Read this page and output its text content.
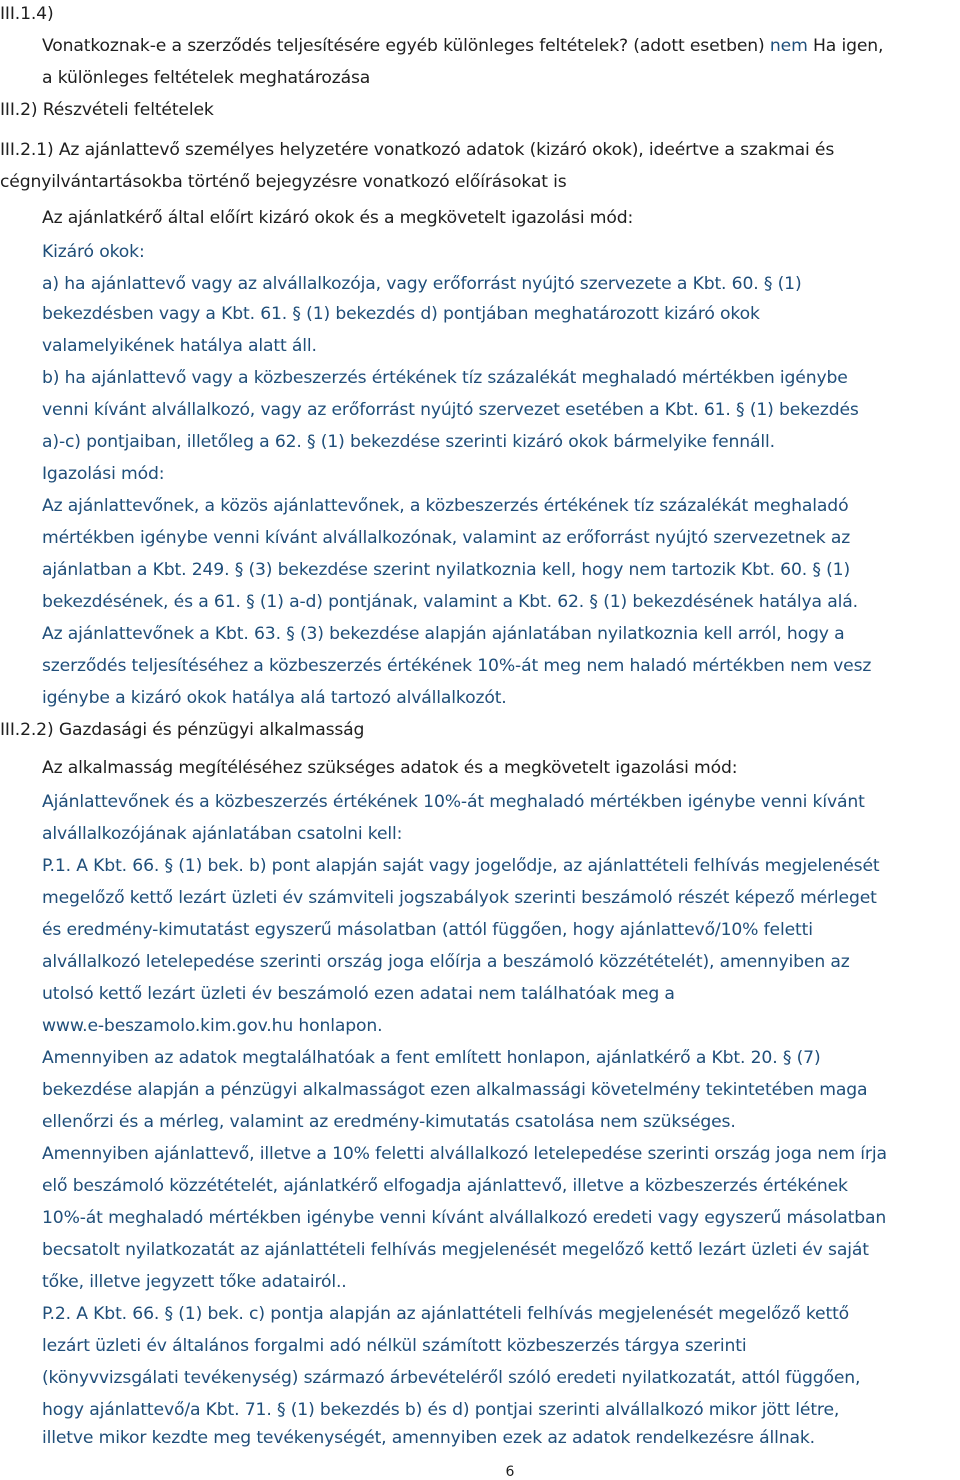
III.1.4)
Vonatkoznak-e a szerződés teljesítésére egyéb különleges feltételek? (adott esetben) nem Ha igen,
a különleges feltételek meghatározása
III.2) Részvételi feltételek
III.2.1) Az ajánlattevő személyes helyzetére vonatkozó adatok (kizáró okok), ideértve a szakmai és
cégnyilvántartásokba történő bejegyzésre vonatkozó előírásokat is
Az ajánlatkérő által előírt kizáró okok és a megkövetelt igazolási mód:
Kizáró okok:
a) ha ajánlattevő vagy az alvállalkozója, vagy erőforrást nyújtó szervezete a Kbt. 60. § (1)
bekezdésben vagy a Kbt. 61. § (1) bekezdés d) pontjában meghatározott kizáró okok
valamelyikének hatálya alatt áll.
b) ha ajánlattevő vagy a közbeszerzés értékének tíz százalékát meghaladó mértékben igénybe
venni kívánt alvállalkozó, vagy az erőforrást nyújtó szervezet esetében a Kbt. 61. § (1) bekezdés
a)-c) pontjaiban, illetőleg a 62. § (1) bekezdése szerinti kizáró okok bármelyike fennáll.
Igazolási mód:
Az ajánlattevőnek, a közös ajánlattevőnek, a közbeszerzés értékének tíz százalékát meghaladó
mértékben igénybe venni kívánt alvállalkozónak, valamint az erőforrást nyújtó szervezetnek az
ajánlatban a Kbt. 249. § (3) bekezdése szerint nyilatkoznia kell, hogy nem tartozik Kbt. 60. § (1)
bekezdésének, és a 61. § (1) a-d) pontjának, valamint a Kbt. 62. § (1) bekezdésének hatálya alá.
Az ajánlattevőnek a Kbt. 63. § (3) bekezdése alapján ajánlatában nyilatkoznia kell arról, hogy a
szerződés teljesítéséhez a közbeszerzés értékének 10%-át meg nem haladó mértékben nem vesz
igénybe a kizáró okok hatálya alá tartozó alvállalkozót.
III.2.2) Gazdasági és pénzügyi alkalmasság
Az alkalmasság megítéléséhez szükséges adatok és a megkövetelt igazolási mód:
Ajánlattevőnek és a közbeszerzés értékének 10%-át meghaladó mértékben igénybe venni kívánt
alvállalkozójának ajánlatában csatolni kell:
P.1. A Kbt. 66. § (1) bek. b) pont alapján saját vagy jogelődje, az ajánlattételi felhívás megjelenését
megelőző kettő lezárt üzleti év számviteli jogszabályok szerinti beszámoló részét képező mérleget
és eredmény-kimutatást egyszerű másolatban (attól függően, hogy ajánlattevő/10% feletti
alvállalkozó letelepedése szerinti ország joga előírja a beszámoló közzétételét), amennyiben az
utolsó kettő lezárt üzleti év beszámoló ezen adatai nem találhatóak meg a
www.e-beszamolo.kim.gov.hu honlapon.
Amennyiben az adatok megtalálhatóak a fent említett honlapon, ajánlatkérő a Kbt. 20. § (7)
bekezdése alapján a pénzügyi alkalmasságot ezen alkalmassági követelmény tekintetében maga
ellenőrzi és a mérleg, valamint az eredmény-kimutatás csatolása nem szükséges.
Amennyiben ajánlattevő, illetve a 10% feletti alvállalkozó letelepedése szerinti ország joga nem írja
elő beszámoló közzétételét, ajánlatkérő elfogadja ajánlattevő, illetve a közbeszerzés értékének
10%-át meghaladó mértékben igénybe venni kívánt alvállalkozó eredeti vagy egyszerű másolatban
becsatolt nyilatkozatát az ajánlattételi felhívás megjelenését megelőző kettő lezárt üzleti év saját
tőke, illetve jegyzett tőke adatairól..
P.2. A Kbt. 66. § (1) bek. c) pontja alapján az ajánlattételi felhívás megjelenését megelőző kettő
lezárt üzleti év általános forgalmi adó nélkül számított közbeszerzés tárgya szerinti
(könyvvizsgálati tevékenység) származó árbevételéről szóló eredeti nyilatkozatát, attól függően,
hogy ajánlattevő/a Kbt. 71. § (1) bekezdés b) és d) pontjai szerinti alvállalkozó mikor jött létre,
illetve mikor kezdte meg tevékenységét, amennyiben ezek az adatok rendelkezésre állnak.
6
